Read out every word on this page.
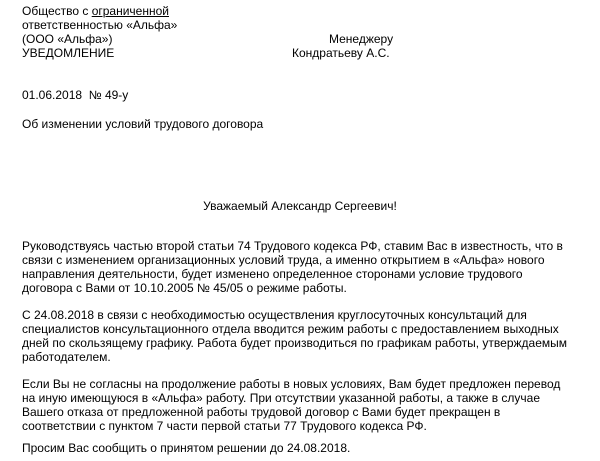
Общество с ограниченной
ответственностью «Альфа»
(ООО «Альфа»)
УВЕДОМЛЕНИЕ
Менеджеру
Кондратьеву А.С.
01.06.2018 № 49-у
Об изменении условий трудового договора
Уважаемый Александр Сергеевич!
Руководствуясь частью второй статьи 74 Трудового кодекса РФ, ставим Вас в известность, что в
связи с изменением организационных условий труда, а именно открытием в «Альфа» нового
направления деятельности, будет изменено определенное сторонами условие трудового
договора с Вами от 10.10.2005 № 45/05 о режиме работы.
С 24.08.2018 в связи с необходимостью осуществления круглосуточных консультаций для
специалистов консультационного отдела вводится режим работы с предоставлением выходных
дней по скользящему графику. Работа будет производиться по графикам работы, утверждаемым
работодателем.
Если Вы не согласны на продолжение работы в новых условиях, Вам будет предложен перевод
на иную имеющуюся в «Альфа» работу. При отсутствии указанной работы, а также в случае
Вашего отказа от предложенной работы трудовой договор с Вами будет прекращен в
соответствии с пунктом 7 части первой статьи 77 Трудового кодекса РФ.
Просим Вас сообщить о принятом решении до 24.08.2018.
